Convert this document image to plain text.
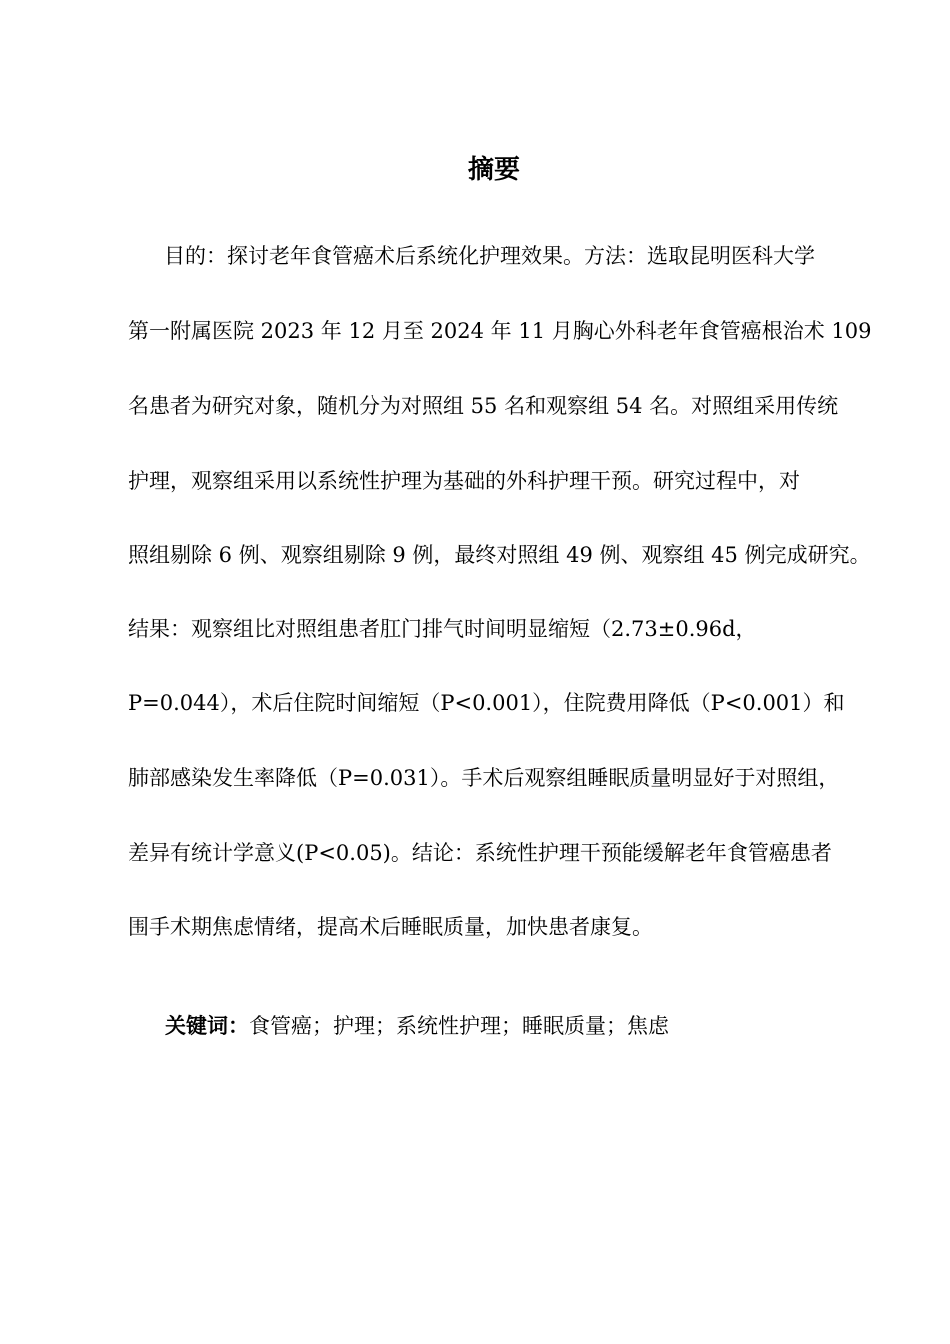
摘要
　目的：探讨老年食管癌术后系统化护理效果。方法：选取昆明医科大学
第一附属医院 2023 年 12 月至 2024 年 11 月胸心外科老年食管癌根治术 109
名患者为研究对象，随机分为对照组 55 名和观察组 54 名。对照组采用传统
护理，观察组采用以系统性护理为基础的外科护理干预。研究过程中，对
照组剔除 6 例、观察组剔除 9 例，最终对照组 49 例、观察组 45 例完成研究。
结果：观察组比对照组患者肛门排气时间明显缩短（2.73±0.96d，
P=0.044），术后住院时间缩短（P<0.001），住院费用降低（P<0.001）和
肺部感染发生率降低（P=0.031）。手术后观察组睡眠质量明显好于对照组，
差异有统计学意义(P<0.05)。结论：系统性护理干预能缓解老年食管癌患者
围手术期焦虑情绪，提高术后睡眠质量，加快患者康复。
关键词：食管癌；护理；系统性护理；睡眠质量；焦虑
